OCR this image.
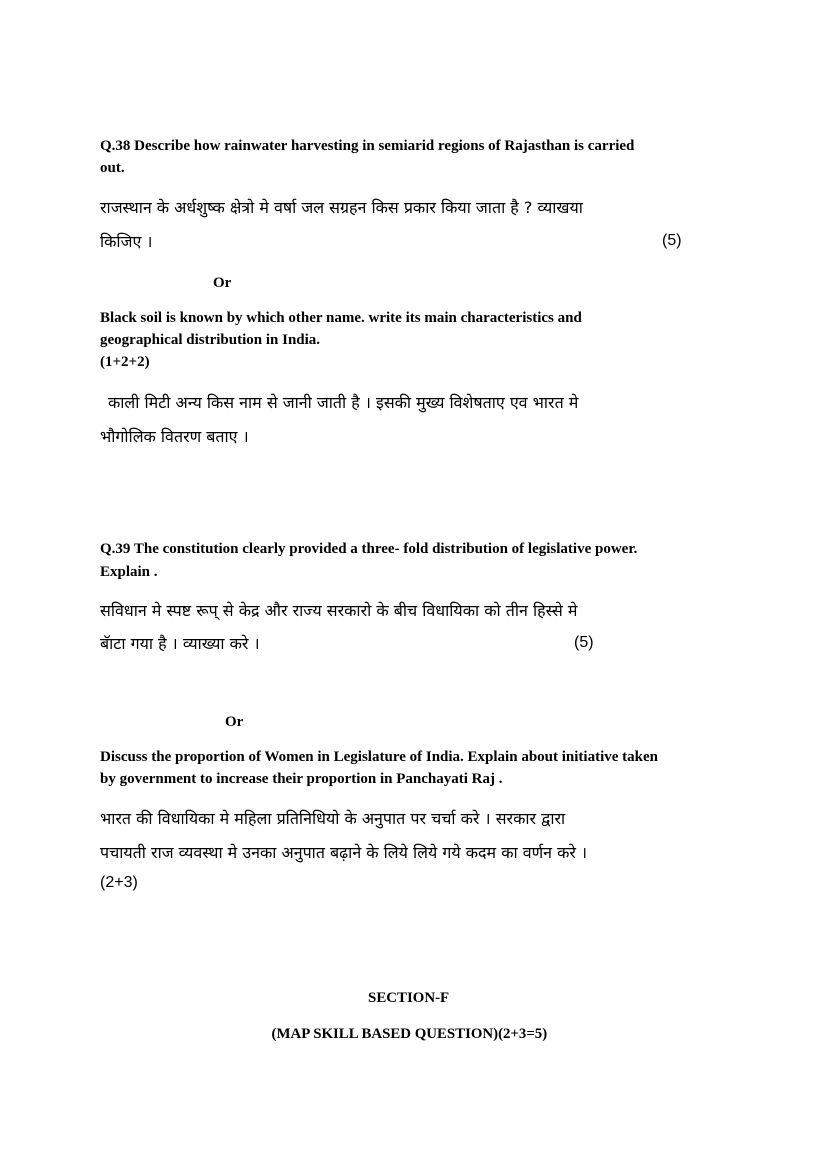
Q.38 Describe how rainwater harvesting in semiarid regions of Rajasthan is carried
out.
राजस्थान के अर्धशुष्क क्षेत्रो मे वर्षा जल सग्रहन किस प्रकार किया जाता है ? व्याखया
किजिए ।	(5)
Or
Black soil is known by which other name. write its main characteristics and
geographical distribution in India.
(1+2+2)
काली मिटी अन्य किस नाम से जानी जाती है । इसकी मुख्य विशेषताए एव भारत मे
भौगोलिक वितरण बताए ।
Q.39 The constitution clearly provided a three- fold distribution of legislative power.
Explain .
सविधान मे स्पष्ट रूप् से केद्र और राज्य सरकारो के बीच विधायिका को तीन हिस्से मे
बॅाटा गया है । व्याख्या करे ।	(5)
Or
Discuss the proportion of Women in Legislature of India. Explain about initiative taken
by government to increase their proportion in Panchayati Raj .
भारत की विधायिका मे महिला प्रतिनिधियो के अनुपात पर चर्चा करे । सरकार द्वारा
पचायती राज व्यवस्था मे उनका अनुपात बढ़ाने के लिये लिये गये कदम का वर्णन करे ।
(2+3)
SECTION-F
(MAP SKILL BASED QUESTION)(2+3=5)
